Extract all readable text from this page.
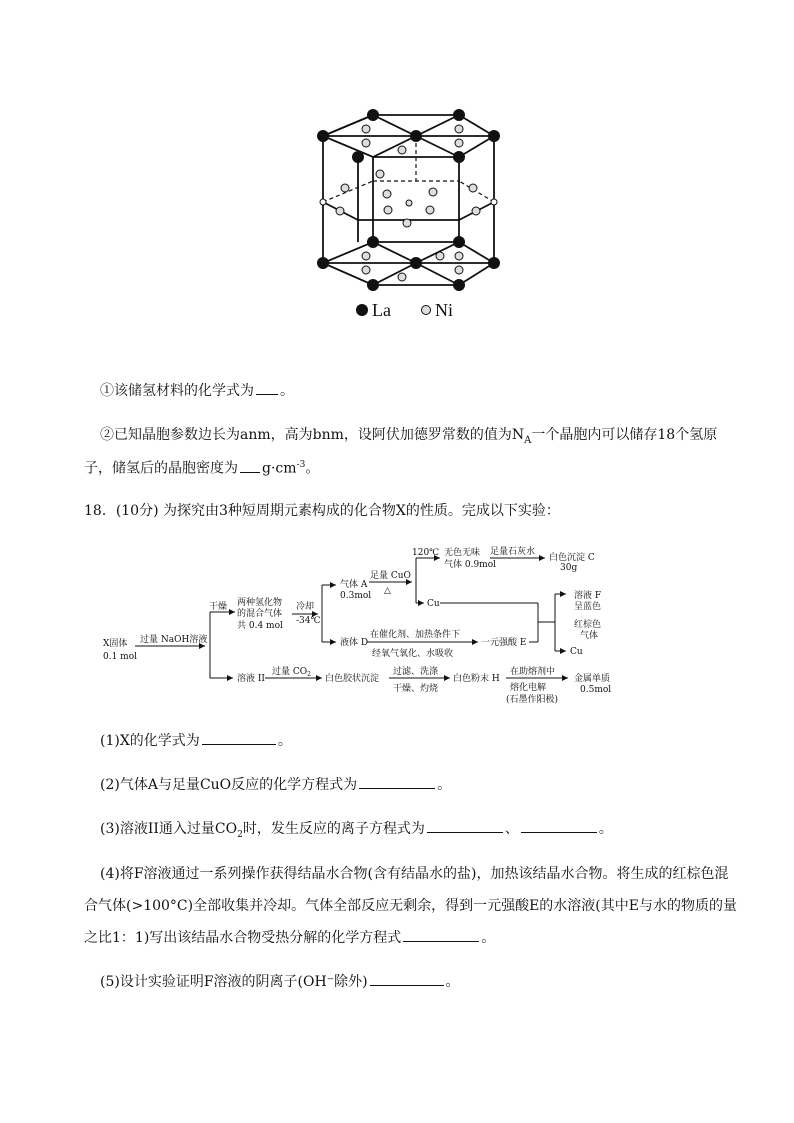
La Ni
①该储氢材料的化学式为 。
②已知晶胞参数边长为anm，高为bnm，设阿伏加德罗常数的值为$N_A$一个晶胞内可以储存18个氢原
子，储氢后的晶胞密度为 $g\cdot cm^{-3}$。
18．(10分) 为探究由3种短周期元素构成的化合物X的性质。完成以下实验：
X固体
0.1 mol
过量 NaOH溶液
干燥 两种氢化物
的混合气体
共 0.4 mol
冷却
-34℃
气体 A
0.3mol
足量 CuO
△
120℃ 无色无味
气体 0.9mol
足量石灰水
白色沉淀 C
30g
Cu
液体 D
在催化剂、加热条件下
经氧气氧化、水吸收
一元强酸 E
溶液 F
呈蓝色
红棕色
气体
Cu
溶液 II
过量 $CO_2$ 白色胶状沉淀
过滤、洗涤
干燥、灼烧
白色粉末 H
在助熔剂中
熔化电解
(石墨作阳极)
金属单质
0.5mol
(1)X的化学式为	。
(2)气体A与足量CuO反应的化学方程式为	。
(3)溶液II通入过量$CO_2$时，发生反应的离子方程式为	、	。
(4)将F溶液通过一系列操作获得结晶水合物(含有结晶水的盐)，加热该结晶水合物。将生成的红棕色混
合气体(>100°C)全部收集并冷却。气体全部反应无剩余，得到一元强酸E的水溶液(其中E与水的物质的量
之比1：1)写出该结晶水合物受热分解的化学方程式	。
(5)设计实验证明F溶液的阴离子(OH⁻除外)	。
